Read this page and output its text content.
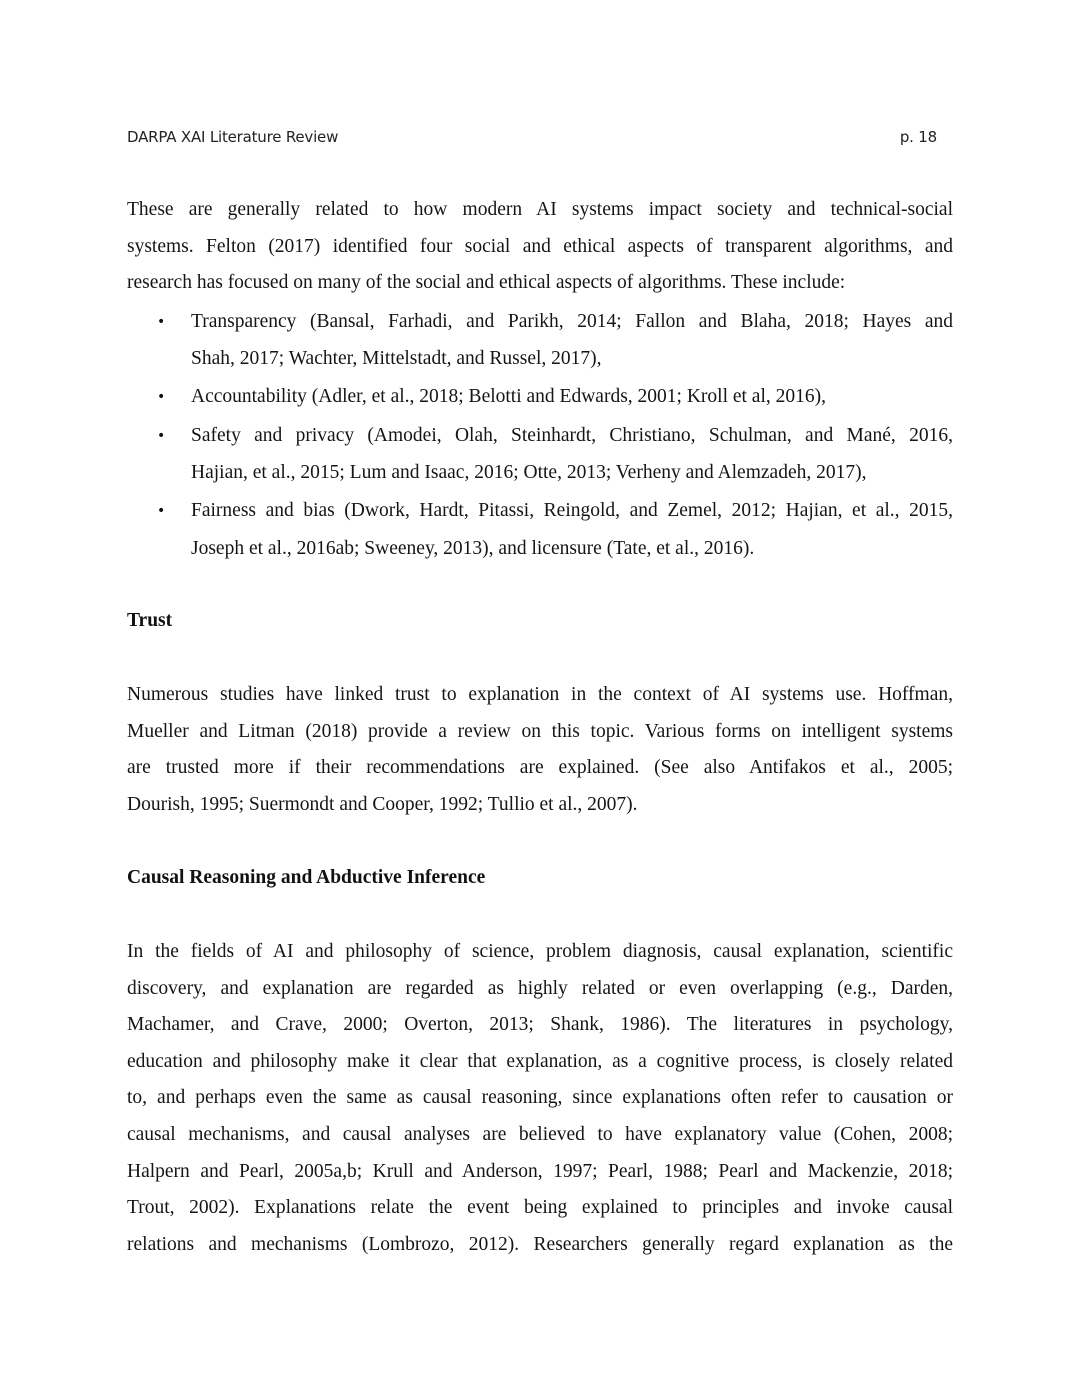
DARPA XAI Literature Review	p. 18
These are generally related to how modern AI systems impact society and technical-social
systems. Felton (2017) identified four social and ethical aspects of transparent algorithms, and
research has focused on many of the social and ethical aspects of algorithms. These include:
• Transparency (Bansal, Farhadi, and Parikh, 2014; Fallon and Blaha, 2018; Hayes and
Shah, 2017; Wachter, Mittelstadt, and Russel, 2017),
• Accountability (Adler, et al., 2018; Belotti and Edwards, 2001; Kroll et al, 2016),
• Safety and privacy (Amodei, Olah, Steinhardt, Christiano, Schulman, and Mané, 2016,
Hajian, et al., 2015; Lum and Isaac, 2016; Otte, 2013; Verheny and Alemzadeh, 2017),
• Fairness and bias (Dwork, Hardt, Pitassi, Reingold, and Zemel, 2012; Hajian, et al., 2015,
Joseph et al., 2016ab; Sweeney, 2013), and licensure (Tate, et al., 2016).
Trust
Numerous studies have linked trust to explanation in the context of AI systems use. Hoffman,
Mueller and Litman (2018) provide a review on this topic. Various forms on intelligent systems
are trusted more if their recommendations are explained. (See also Antifakos et al., 2005;
Dourish, 1995; Suermondt and Cooper, 1992; Tullio et al., 2007).
Causal Reasoning and Abductive Inference
In the fields of AI and philosophy of science, problem diagnosis, causal explanation, scientific
discovery, and explanation are regarded as highly related or even overlapping (e.g., Darden,
Machamer, and Crave, 2000; Overton, 2013; Shank, 1986). The literatures in psychology,
education and philosophy make it clear that explanation, as a cognitive process, is closely related
to, and perhaps even the same as causal reasoning, since explanations often refer to causation or
causal mechanisms, and causal analyses are believed to have explanatory value (Cohen, 2008;
Halpern and Pearl, 2005a,b; Krull and Anderson, 1997; Pearl, 1988; Pearl and Mackenzie, 2018;
Trout, 2002). Explanations relate the event being explained to principles and invoke causal
relations and mechanisms (Lombrozo, 2012). Researchers generally regard explanation as the
